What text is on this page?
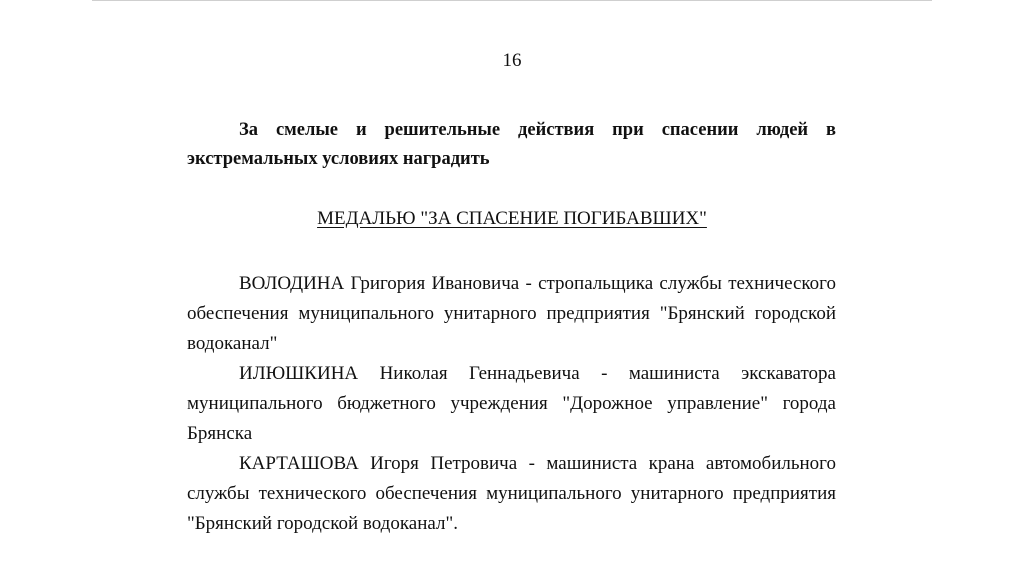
16
За смелые и решительные действия при спасении людей в экстремальных условиях наградить
МЕДАЛЬЮ "ЗА СПАСЕНИЕ ПОГИБАВШИХ"
ВОЛОДИНА Григория Ивановича - стропальщика службы технического обеспечения муниципального унитарного предприятия "Брянский городской водоканал"
ИЛЮШКИНА Николая Геннадьевича - машиниста экскаватора муниципального бюджетного учреждения "Дорожное управление" города Брянска
КАРТАШОВА Игоря Петровича - машиниста крана автомобильного службы технического обеспечения муниципального унитарного предприятия "Брянский городской водоканал".
